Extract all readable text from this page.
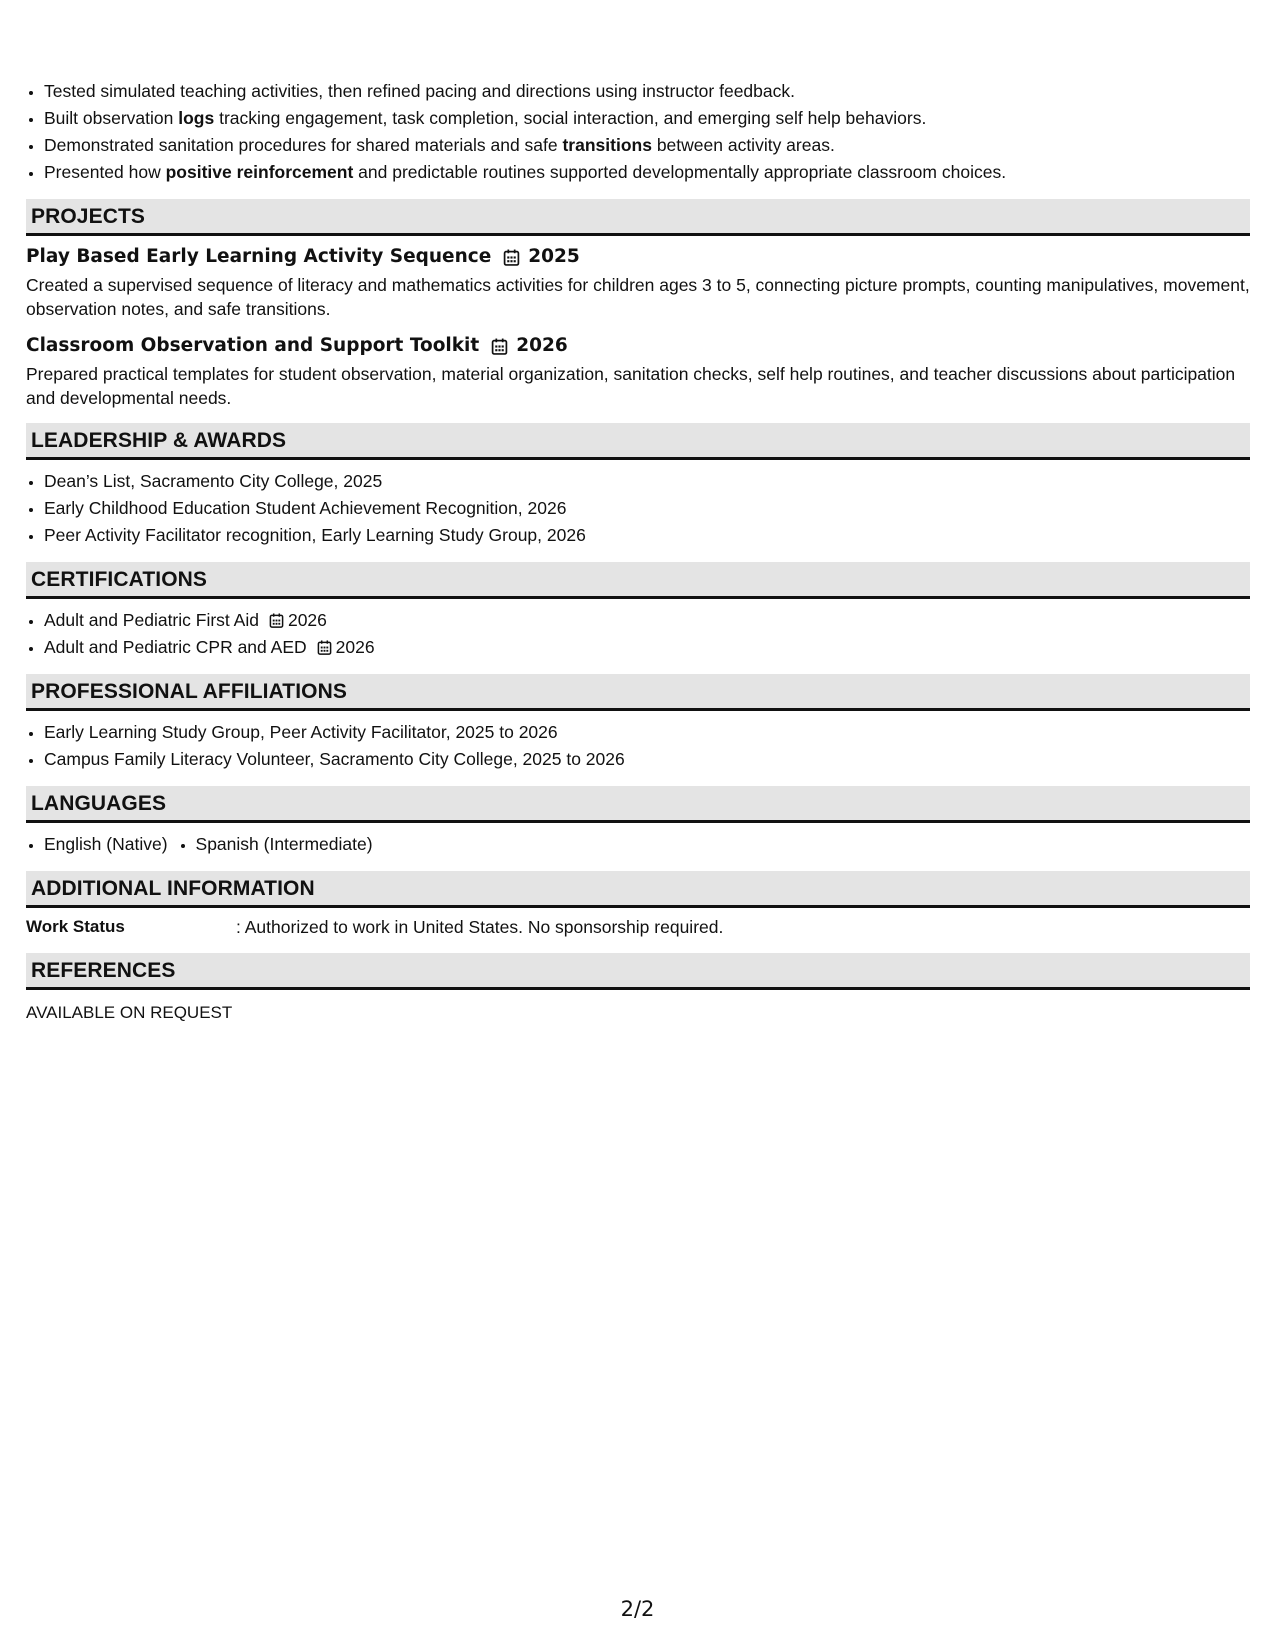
• Tested simulated teaching activities, then refined pacing and directions using instructor feedback.
• Built observation logs tracking engagement, task completion, social interaction, and emerging self help behaviors.
• Demonstrated sanitation procedures for shared materials and safe transitions between activity areas.
• Presented how positive reinforcement and predictable routines supported developmentally appropriate classroom choices.
PROJECTS
Play Based Early Learning Activity Sequence 2025

Created a supervised sequence of literacy and mathematics activities for children ages 3 to 5, connecting picture prompts, counting manipulatives, movement, observation notes, and safe transitions.

Classroom Observation and Support Toolkit 2026

Prepared practical templates for student observation, material organization, sanitation checks, self help routines, and teacher discussions about participation and developmental needs.

LEADERSHIP & AWARDS
• Dean’s List, Sacramento City College, 2025
• Early Childhood Education Student Achievement Recognition, 2026
• Peer Activity Facilitator recognition, Early Learning Study Group, 2026
CERTIFICATIONS
• Adult and Pediatric First Aid 2026
• Adult and Pediatric CPR and AED 2026
PROFESSIONAL AFFILIATIONS
• Early Learning Study Group, Peer Activity Facilitator, 2025 to 2026
• Campus Family Literacy Volunteer, Sacramento City College, 2025 to 2026
LANGUAGES
• English (Native)
• Spanish (Intermediate)
ADDITIONAL INFORMATION
Work Status	: Authorized to work in United States. No sponsorship required.
REFERENCES
AVAILABLE ON REQUEST
2/2
